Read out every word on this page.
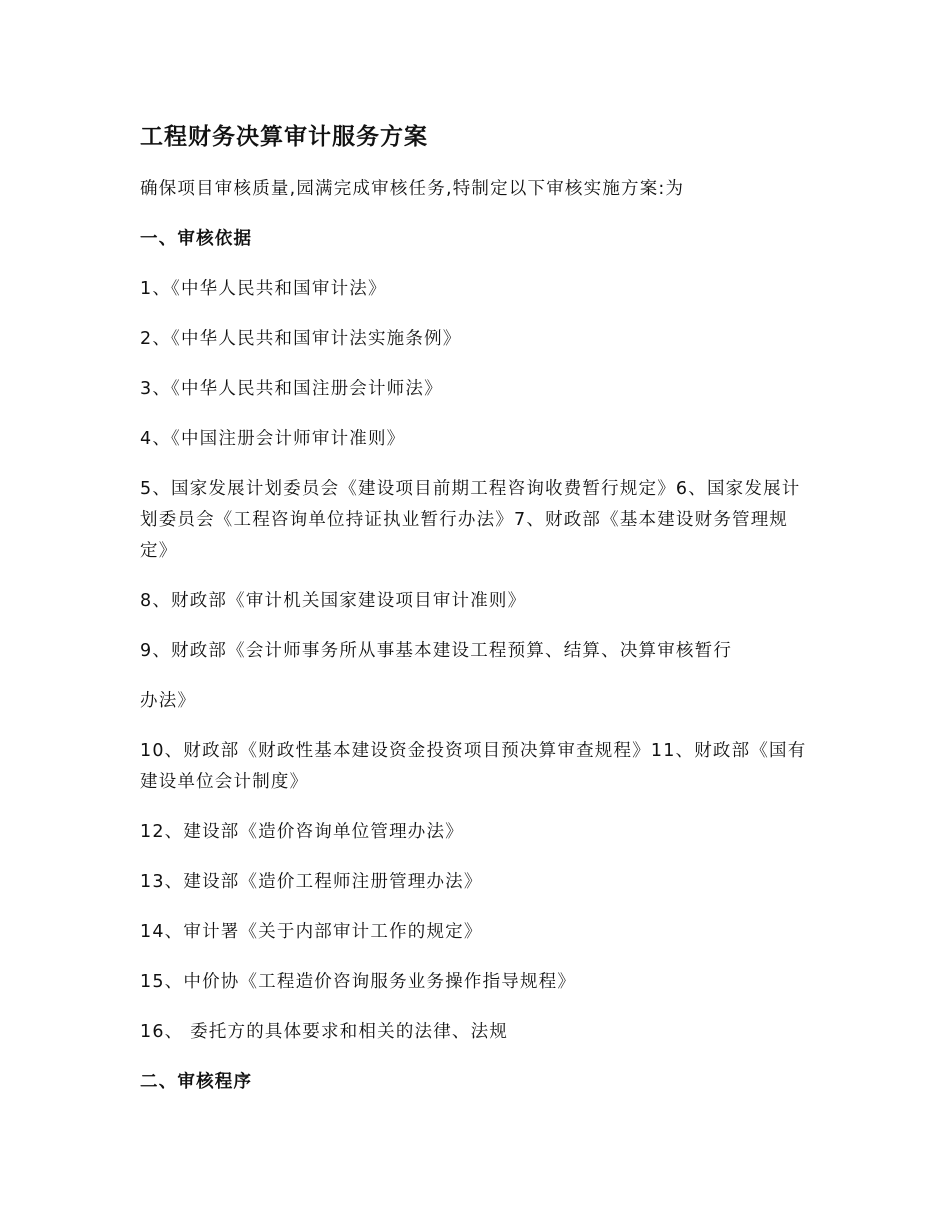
工程财务决算审计服务方案
确保项目审核质量,园满完成审核任务,特制定以下审核实施方案:为
一、审核依据
1、《中华人民共和国审计法》
2、《中华人民共和国审计法实施条例》
3、《中华人民共和国注册会计师法》
4、《中国注册会计师审计准则》
5、国家发展计划委员会《建设项目前期工程咨询收费暂行规定》6、国家发展计划委员会《工程咨询单位持证执业暂行办法》7、财政部《基本建设财务管理规定》
8、财政部《审计机关国家建设项目审计准则》
9、财政部《会计师事务所从事基本建设工程预算、结算、决算审核暂行
办法》
10、财政部《财政性基本建设资金投资项目预决算审查规程》11、财政部《国有建设单位会计制度》
12、建设部《造价咨询单位管理办法》
13、建设部《造价工程师注册管理办法》
14、审计署《关于内部审计工作的规定》
15、中价协《工程造价咨询服务业务操作指导规程》
16、 委托方的具体要求和相关的法律、法规
二、审核程序
